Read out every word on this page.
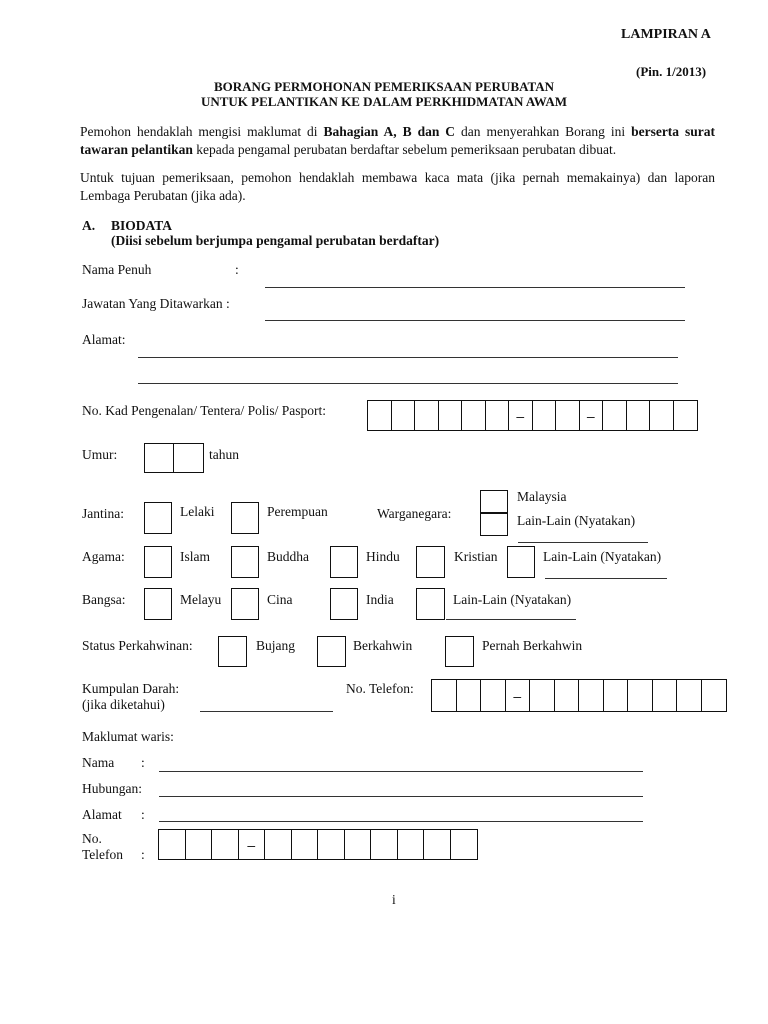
LAMPIRAN A
(Pin. 1/2013)
BORANG PERMOHONAN PEMERIKSAAN PERUBATAN
UNTUK PELANTIKAN KE DALAM PERKHIDMATAN AWAM
Pemohon hendaklah mengisi maklumat di Bahagian A, B dan C dan menyerahkan Borang ini berserta surat tawaran pelantikan kepada pengamal perubatan berdaftar sebelum pemeriksaan perubatan dibuat.
Untuk tujuan pemeriksaan, pemohon hendaklah membawa kaca mata (jika pernah memakainya) dan laporan Lembaga Perubatan (jika ada).
A. BIODATA
(Diisi sebelum berjumpa pengamal perubatan berdaftar)
Nama Penuh	:
Jawatan Yang Ditawarkan :
Alamat:
No. Kad Pengenalan/ Tentera/ Polis/ Pasport:	–	–
Umur:	tahun
Jantina:	Lelaki	Perempuan	Warganegara:
Malaysia
Lain-Lain (Nyatakan)
Agama:	Islam	Buddha	Hindu	Kristian	Lain-Lain (Nyatakan)
Bangsa:	Melayu	Cina	India	Lain-Lain (Nyatakan)
Status Perkahwinan:	Bujang	Berkahwin	Pernah Berkahwin
Kumpulan Darah:
(jika diketahui)
No. Telefon:	–
Maklumat waris:
Nama :
Hubungan:
Alamat :
No.
Telefon :
–
i
